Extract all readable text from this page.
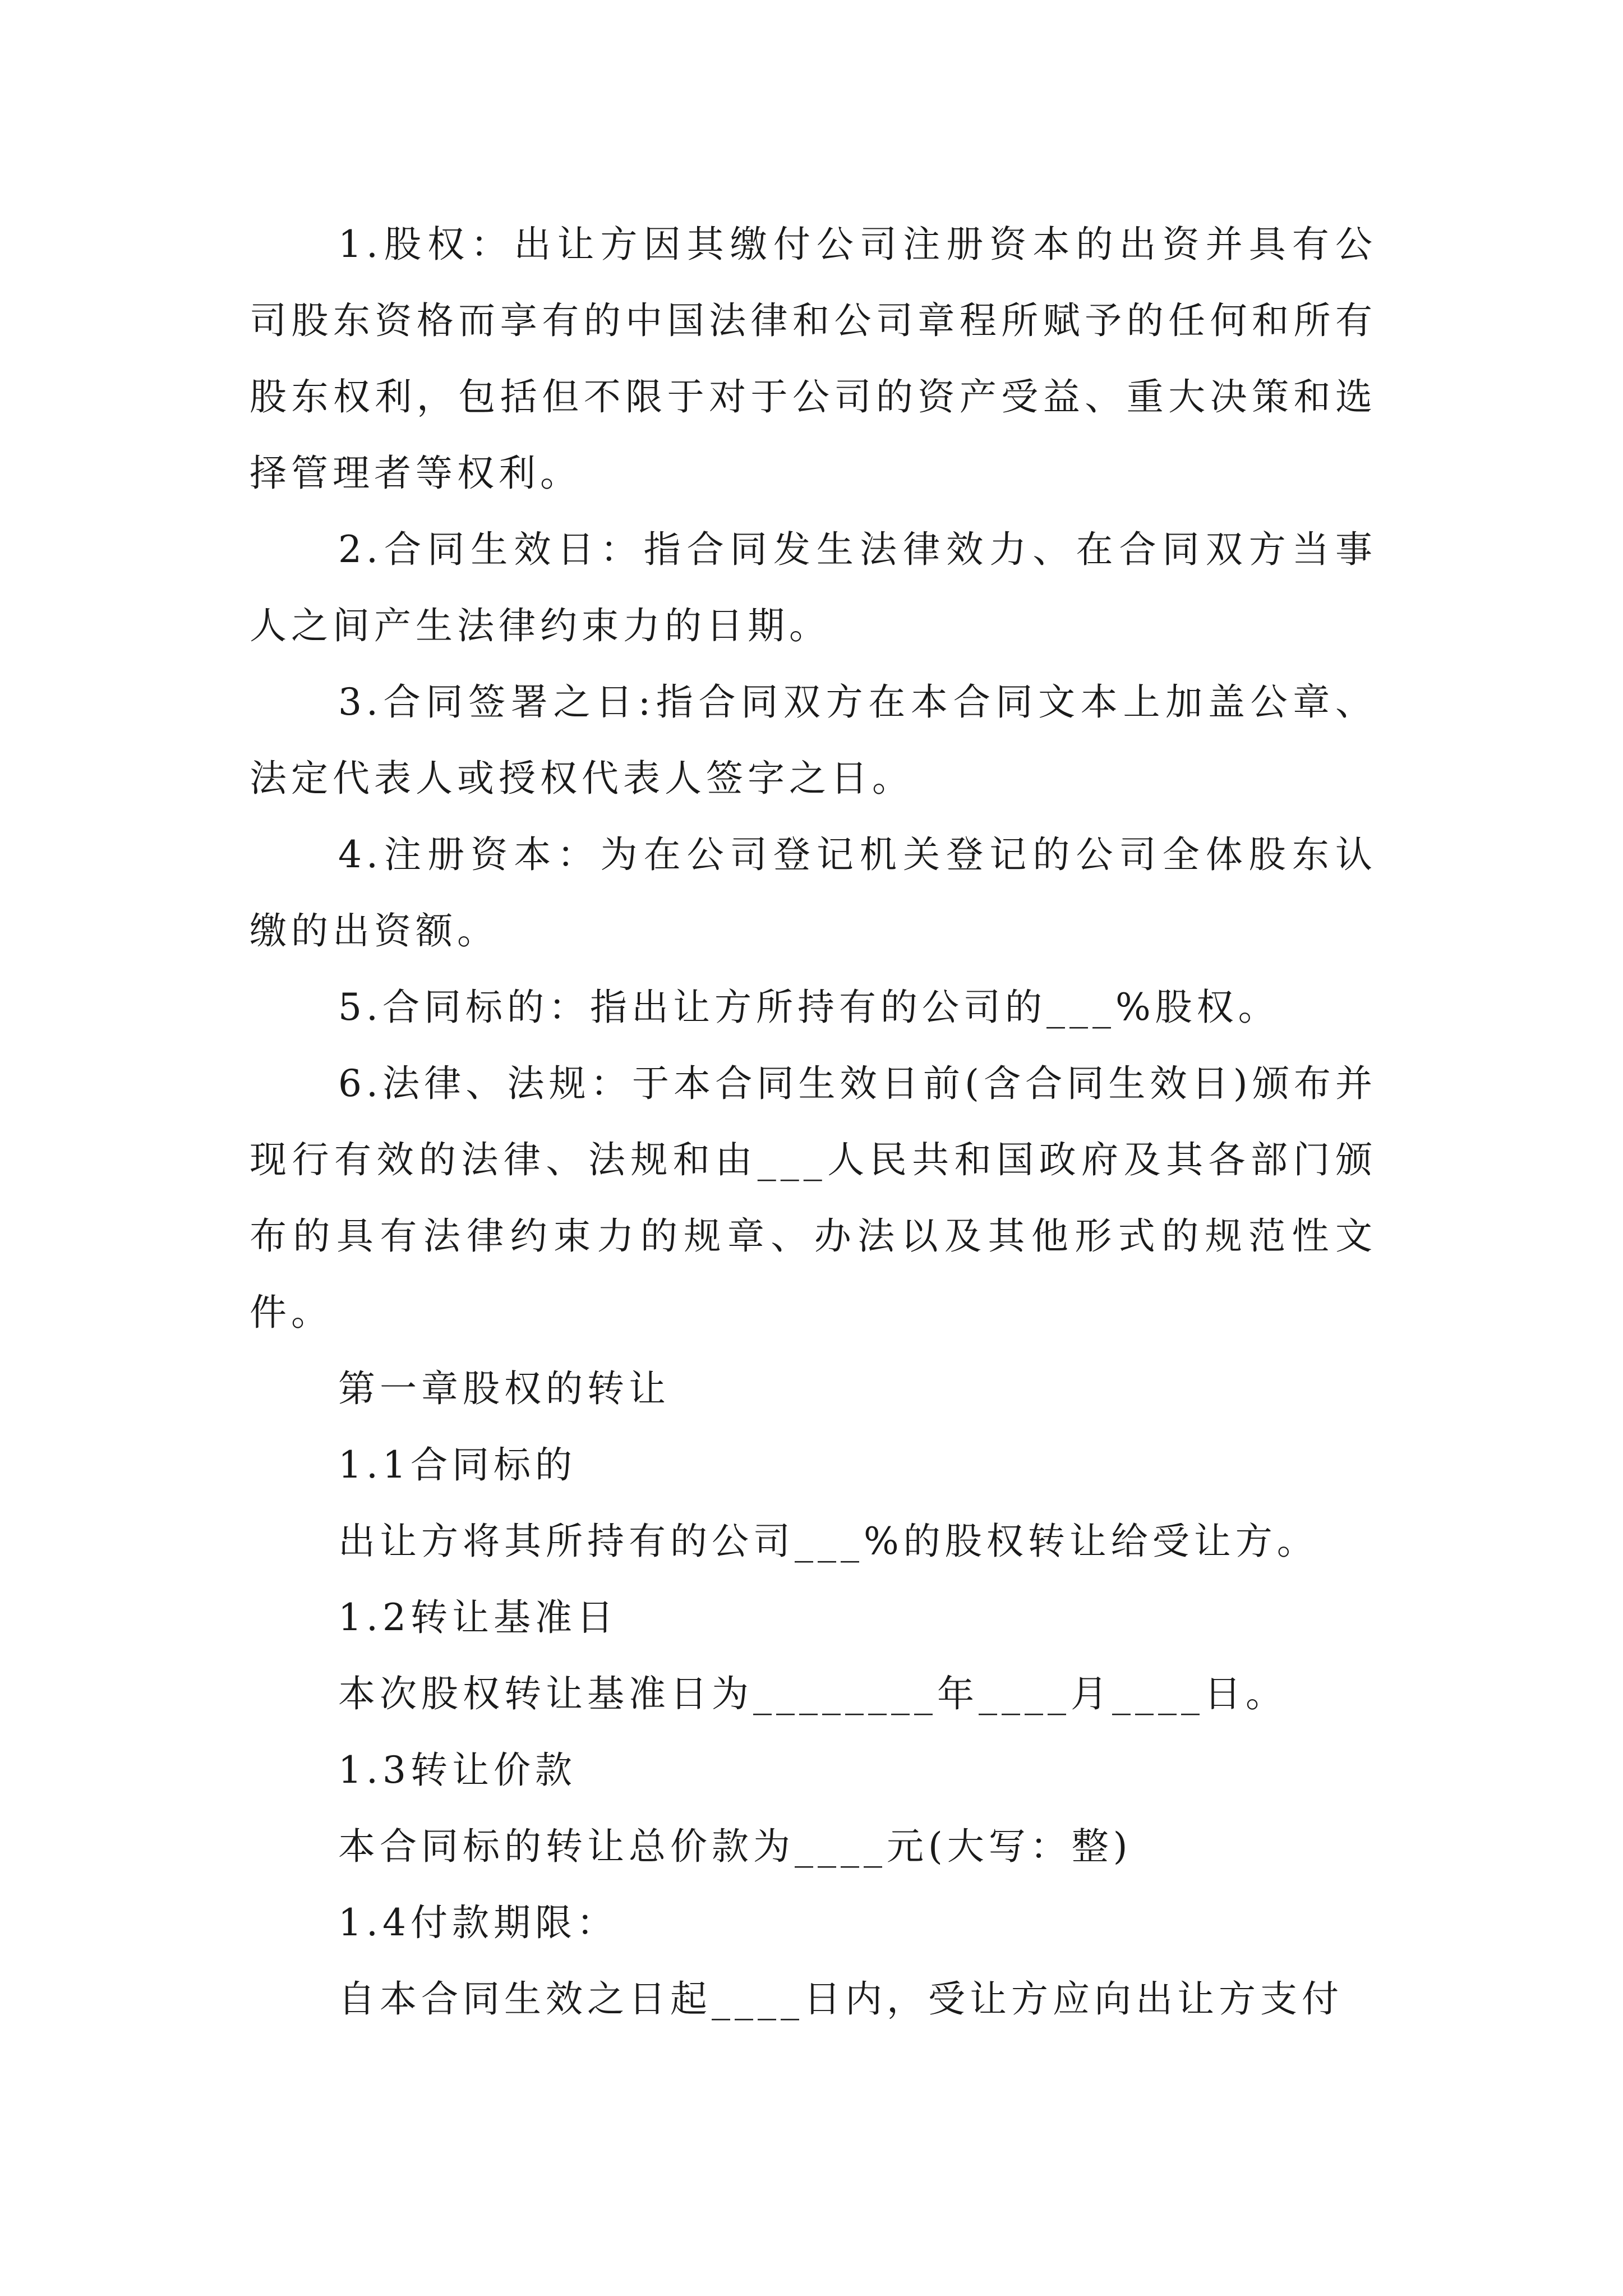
1.股权：出让方因其缴付公司注册资本的出资并具有公司股东资格而享有的中国法律和公司章程所赋予的任何和所有股东权利，包括但不限于对于公司的资产受益、重大决策和选择管理者等权利。

2.合同生效日：指合同发生法律效力、在合同双方当事人之间产生法律约束力的日期。

3.合同签署之日:指合同双方在本合同文本上加盖公章、法定代表人或授权代表人签字之日。

4.注册资本：为在公司登记机关登记的公司全体股东认缴的出资额。

5.合同标的：指出让方所持有的公司的___%股权。

6.法律、法规：于本合同生效日前(含合同生效日)颁布并现行有效的法律、法规和由___人民共和国政府及其各部门颁布的具有法律约束力的规章、办法以及其他形式的规范性文件。

第一章股权的转让

1.1合同标的

出让方将其所持有的公司___%的股权转让给受让方。

1.2转让基准日

本次股权转让基准日为________年____月____日。

1.3转让价款

本合同标的转让总价款为____元(大写：整)

1.4付款期限：

自本合同生效之日起____日内，受让方应向出让方支付
